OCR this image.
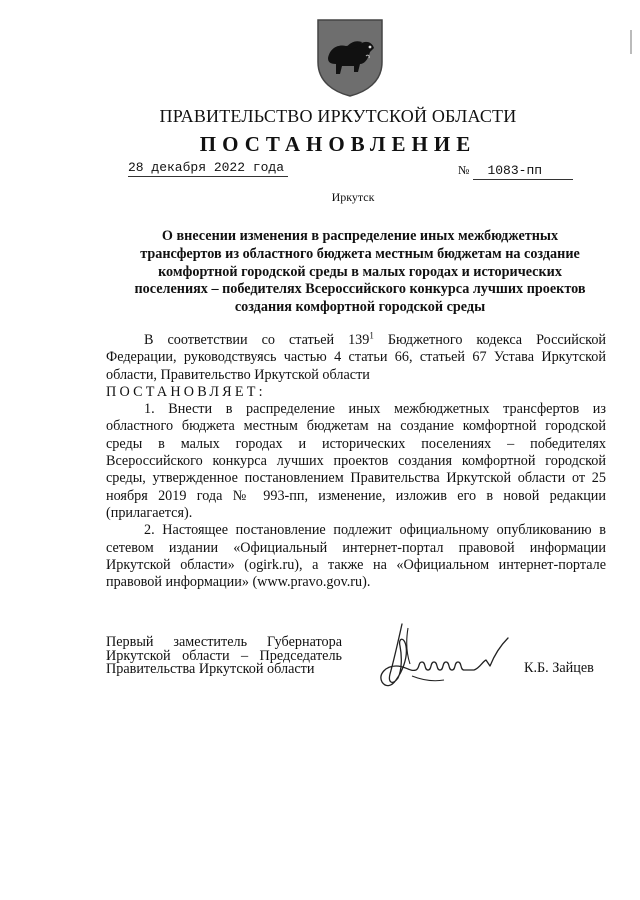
ПРАВИТЕЛЬСТВО ИРКУТСКОЙ ОБЛАСТИ
ПОСТАНОВЛЕНИЕ
28 декабря 2022 года	№ 1083-пп
Иркутск
О внесении изменения в распределение иных межбюджетных трансфертов из областного бюджета местным бюджетам на создание комфортной городской среды в малых городах и исторических поселениях – победителях Всероссийского конкурса лучших проектов создания комфортной городской среды

В соответствии со статьей $139^1$ Бюджетного кодекса Российской Федерации, руководствуясь частью 4 статьи 66, статьей 67 Устава Иркутской области, Правительство Иркутской области

ПОСТАНОВЛЯЕТ:

1. Внести в распределение иных межбюджетных трансфертов из областного бюджета местным бюджетам на создание комфортной городской среды в малых городах и исторических поселениях – победителях Всероссийского конкурса лучших проектов создания комфортной городской среды, утвержденное постановлением Правительства Иркутской области от 25 ноября 2019 года № 993-пп, изменение, изложив его в новой редакции (прилагается).

2. Настоящее постановление подлежит официальному опубликованию в сетевом издании «Официальный интернет-портал правовой информации Иркутской области» (ogirk.ru), а также на «Официальном интернет-портале правовой информации» (www.pravo.gov.ru).

Первый заместитель Губернатора
Иркутской области – Председатель
Правительства Иркутской области	К.Б. Зайцев
